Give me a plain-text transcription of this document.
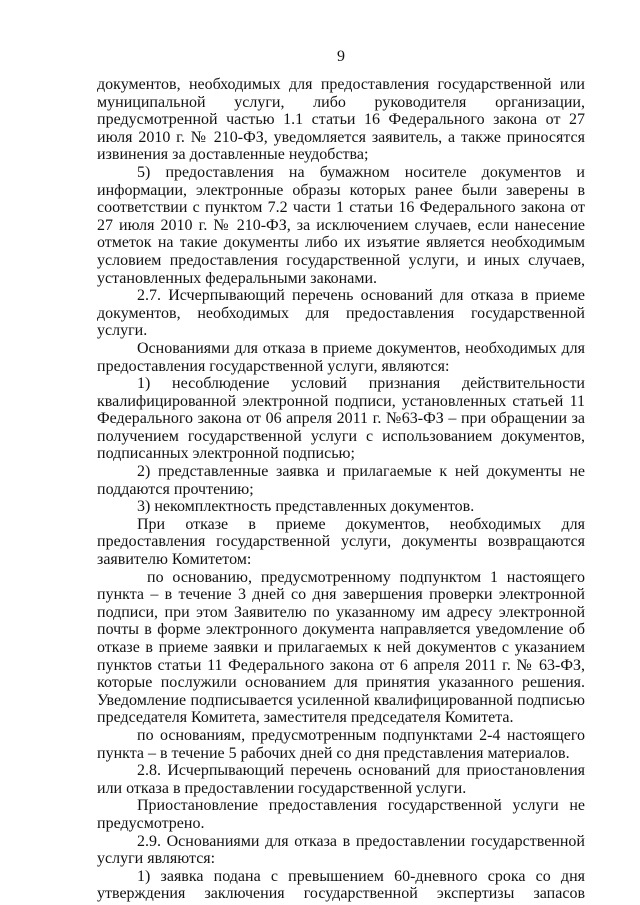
9

документов, необходимых для предоставления государственной или муниципальной услуги, либо руководителя организации, предусмотренной частью 1.1 статьи 16 Федерального закона от 27 июля 2010 г. № 210-ФЗ, уведомляется заявитель, а также приносятся извинения за доставленные неудобства;

5) предоставления на бумажном носителе документов и информации, электронные образы которых ранее были заверены в соответствии с пунктом 7.2 части 1 статьи 16 Федерального закона от 27 июля 2010 г. № 210-ФЗ, за исключением случаев, если нанесение отметок на такие документы либо их изъятие является необходимым условием предоставления государственной услуги, и иных случаев, установленных федеральными законами.

2.7. Исчерпывающий перечень оснований для отказа в приеме документов, необходимых для предоставления государственной услуги.

Основаниями для отказа в приеме документов, необходимых для предоставления государственной услуги, являются:

1) несоблюдение условий признания действительности квалифицированной электронной подписи, установленных статьей 11 Федерального закона от 06 апреля 2011 г. №63-ФЗ – при обращении за получением государственной услуги с использованием документов, подписанных электронной подписью;

2) представленные заявка и прилагаемые к ней документы не поддаются прочтению;

3) некомплектность представленных документов.

При отказе в приеме документов, необходимых для предоставления государственной услуги, документы возвращаются заявителю Комитетом:

по основанию, предусмотренному подпунктом 1 настоящего пункта – в течение 3 дней со дня завершения проверки электронной подписи, при этом Заявителю по указанному им адресу электронной почты в форме электронного документа направляется уведомление об отказе в приеме заявки и прилагаемых к ней документов с указанием пунктов статьи 11 Федерального закона от 6 апреля 2011 г. № 63-ФЗ, которые послужили основанием для принятия указанного решения. Уведомление подписывается усиленной квалифицированной подписью председателя Комитета, заместителя председателя Комитета.

по основаниям, предусмотренным подпунктами 2-4 настоящего пункта – в течение 5 рабочих дней со дня представления материалов.

2.8. Исчерпывающий перечень оснований для приостановления или отказа в предоставлении государственной услуги.

Приостановление предоставления государственной услуги не предусмотрено.

2.9. Основаниями для отказа в предоставлении государственной услуги являются:

1) заявка подана с превышением 60-дневного срока со дня утверждения заключения государственной экспертизы запасов
